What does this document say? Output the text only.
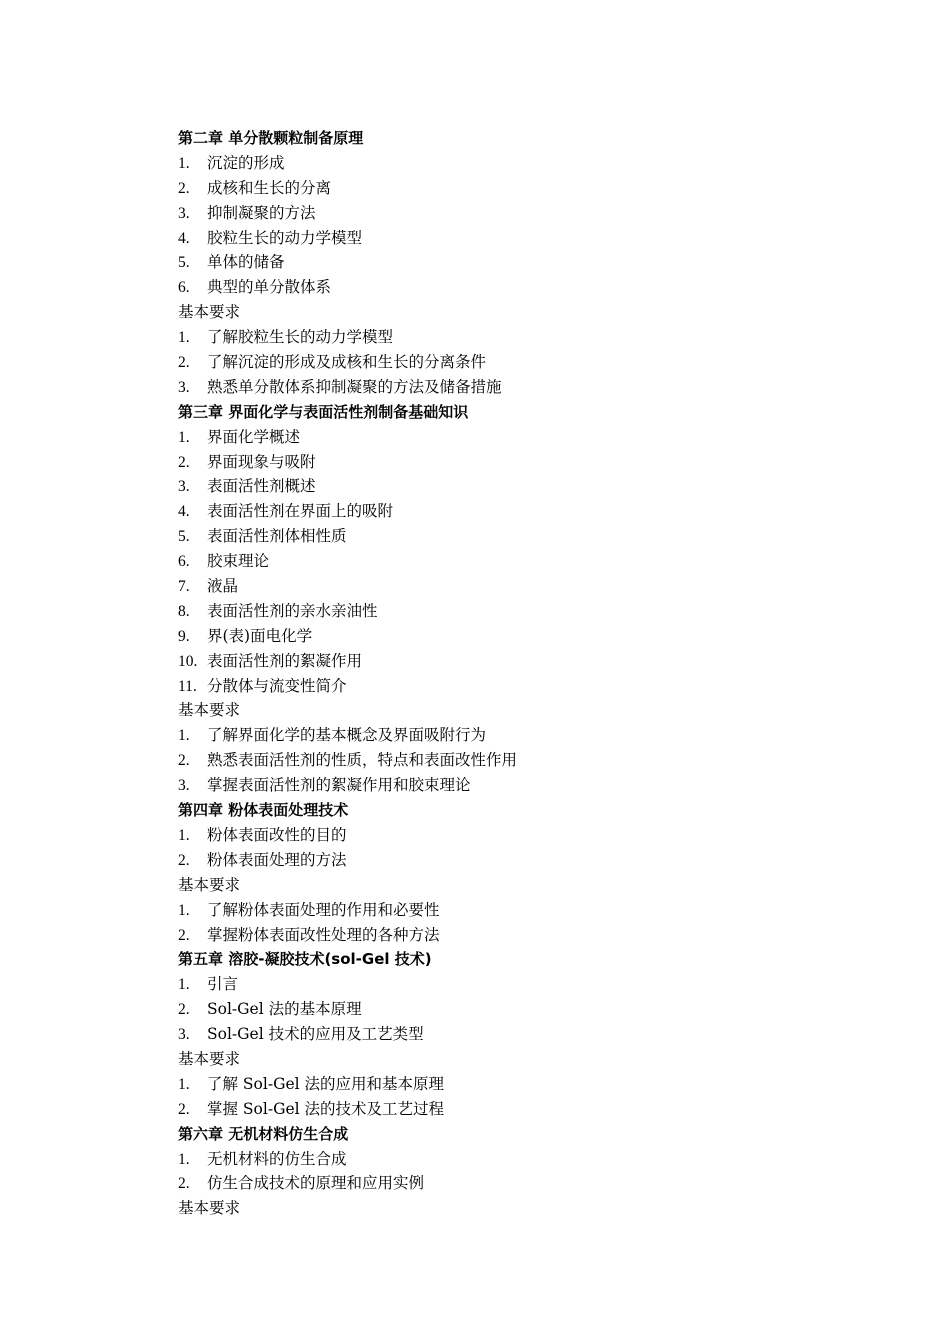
第二章 单分散颗粒制备原理
1. 沉淀的形成
2. 成核和生长的分离
3. 抑制凝聚的方法
4. 胶粒生长的动力学模型
5. 单体的储备
6. 典型的单分散体系
基本要求
1. 了解胶粒生长的动力学模型
2. 了解沉淀的形成及成核和生长的分离条件
3. 熟悉单分散体系抑制凝聚的方法及储备措施
第三章 界面化学与表面活性剂制备基础知识
1. 界面化学概述
2. 界面现象与吸附
3. 表面活性剂概述
4. 表面活性剂在界面上的吸附
5. 表面活性剂体相性质
6. 胶束理论
7. 液晶
8. 表面活性剂的亲水亲油性
9. 界(表)面电化学
10. 表面活性剂的絮凝作用
11. 分散体与流变性简介
基本要求
1. 了解界面化学的基本概念及界面吸附行为
2. 熟悉表面活性剂的性质，特点和表面改性作用
3. 掌握表面活性剂的絮凝作用和胶束理论
第四章 粉体表面处理技术
1. 粉体表面改性的目的
2. 粉体表面处理的方法
基本要求
1. 了解粉体表面处理的作用和必要性
2. 掌握粉体表面改性处理的各种方法
第五章 溶胶-凝胶技术(sol-Gel 技术)
1. 引言
2. Sol-Gel 法的基本原理
3. Sol-Gel 技术的应用及工艺类型
基本要求
1. 了解 Sol-Gel 法的应用和基本原理
2. 掌握 Sol-Gel 法的技术及工艺过程
第六章 无机材料仿生合成
1. 无机材料的仿生合成
2. 仿生合成技术的原理和应用实例
基本要求
